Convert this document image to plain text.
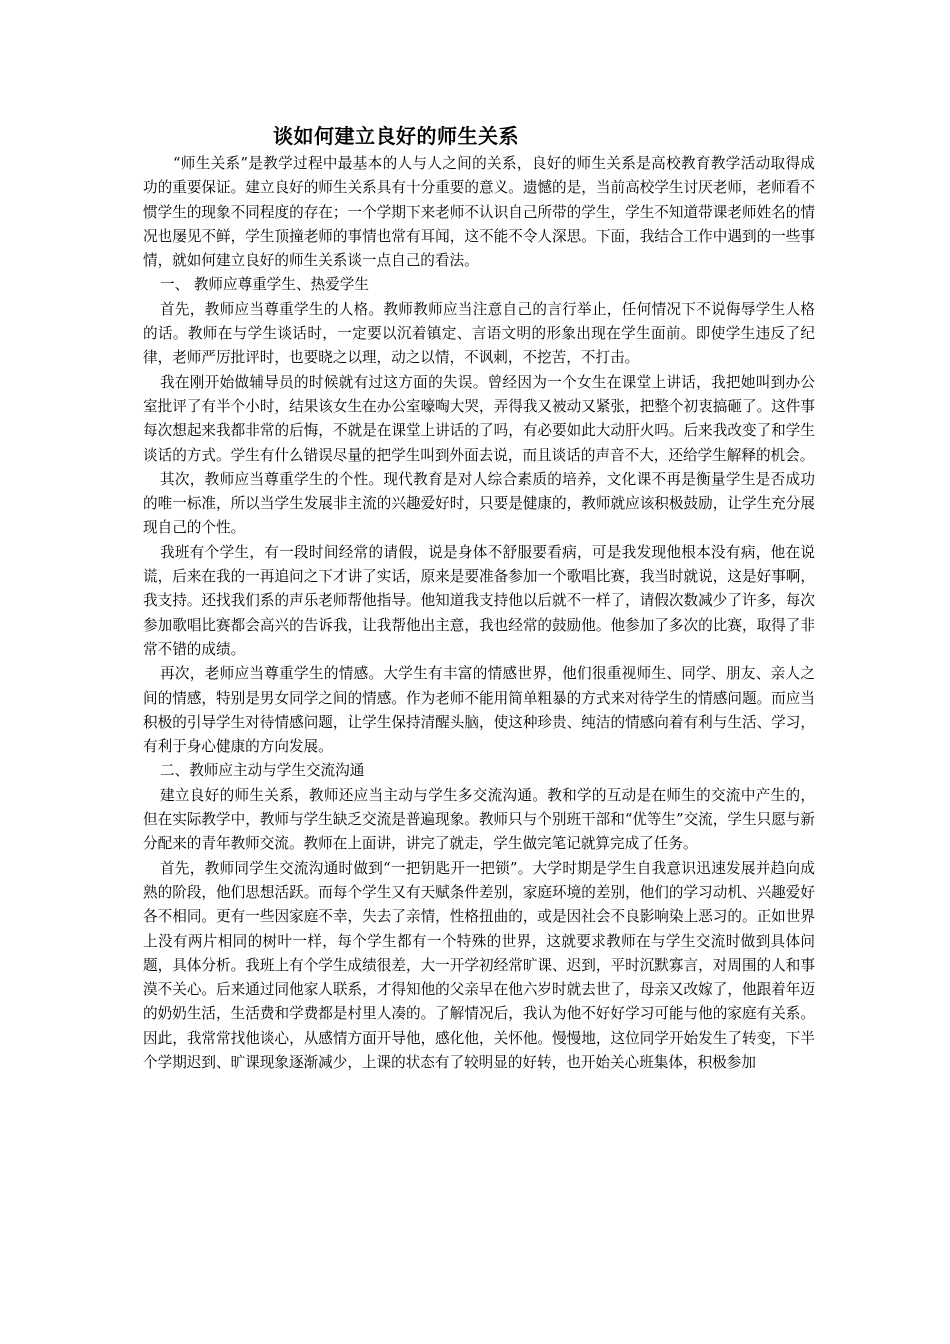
谈如何建立良好的师生关系

“师生关系”是教学过程中最基本的人与人之间的关系，良好的师生关系是高校教育教学活动取得成功的重要保证。建立良好的师生关系具有十分重要的意义。遗憾的是，当前高校学生讨厌老师，老师看不惯学生的现象不同程度的存在；一个学期下来老师不认识自己所带的学生，学生不知道带课老师姓名的情况也屡见不鲜，学生顶撞老师的事情也常有耳闻，这不能不令人深思。下面，我结合工作中遇到的一些事情，就如何建立良好的师生关系谈一点自己的看法。

一、 教师应尊重学生、热爱学生

首先，教师应当尊重学生的人格。教师教师应当注意自己的言行举止，任何情况下不说侮辱学生人格的话。教师在与学生谈话时，一定要以沉着镇定、言语文明的形象出现在学生面前。即使学生违反了纪律，老师严厉批评时，也要晓之以理，动之以情，不讽刺，不挖苦，不打击。

我在刚开始做辅导员的时候就有过这方面的失误。曾经因为一个女生在课堂上讲话，我把她叫到办公室批评了有半个小时，结果该女生在办公室嚎啕大哭，弄得我又被动又紧张，把整个初衷搞砸了。这件事每次想起来我都非常的后悔，不就是在课堂上讲话的了吗，有必要如此大动肝火吗。后来我改变了和学生谈话的方式。学生有什么错误尽量的把学生叫到外面去说，而且谈话的声音不大，还给学生解释的机会。

其次，教师应当尊重学生的个性。现代教育是对人综合素质的培养，文化课不再是衡量学生是否成功的唯一标准，所以当学生发展非主流的兴趣爱好时，只要是健康的，教师就应该积极鼓励，让学生充分展现自己的个性。

我班有个学生，有一段时间经常的请假，说是身体不舒服要看病，可是我发现他根本没有病，他在说谎，后来在我的一再追问之下才讲了实话，原来是要准备参加一个歌唱比赛，我当时就说，这是好事啊，我支持。还找我们系的声乐老师帮他指导。他知道我支持他以后就不一样了，请假次数减少了许多，每次参加歌唱比赛都会高兴的告诉我，让我帮他出主意，我也经常的鼓励他。他参加了多次的比赛，取得了非常不错的成绩。

再次，老师应当尊重学生的情感。大学生有丰富的情感世界，他们很重视师生、同学、朋友、亲人之间的情感，特别是男女同学之间的情感。作为老师不能用简单粗暴的方式来对待学生的情感问题。而应当积极的引导学生对待情感问题，让学生保持清醒头脑，使这种珍贵、纯洁的情感向着有利与生活、学习，有利于身心健康的方向发展。

二、教师应主动与学生交流沟通

建立良好的师生关系，教师还应当主动与学生多交流沟通。教和学的互动是在师生的交流中产生的，但在实际教学中，教师与学生缺乏交流是普遍现象。教师只与个别班干部和“优等生”交流，学生只愿与新分配来的青年教师交流。教师在上面讲，讲完了就走，学生做完笔记就算完成了任务。

首先，教师同学生交流沟通时做到“一把钥匙开一把锁”。大学时期是学生自我意识迅速发展并趋向成熟的阶段，他们思想活跃。而每个学生又有天赋条件差别，家庭环境的差别，他们的学习动机、兴趣爱好各不相同。更有一些因家庭不幸，失去了亲情，性格扭曲的，或是因社会不良影响染上恶习的。正如世界上没有两片相同的树叶一样，每个学生都有一个特殊的世界，这就要求教师在与学生交流时做到具体问题，具体分析。我班上有个学生成绩很差，大一开学初经常旷课、迟到，平时沉默寡言，对周围的人和事漠不关心。后来通过同他家人联系，才得知他的父亲早在他六岁时就去世了，母亲又改嫁了，他跟着年迈的奶奶生活，生活费和学费都是村里人凑的。了解情况后，我认为他不好好学习可能与他的家庭有关系。因此，我常常找他谈心，从感情方面开导他，感化他，关怀他。慢慢地，这位同学开始发生了转变，下半个学期迟到、旷课现象逐渐减少，上课的状态有了较明显的好转，也开始关心班集体，积极参加
